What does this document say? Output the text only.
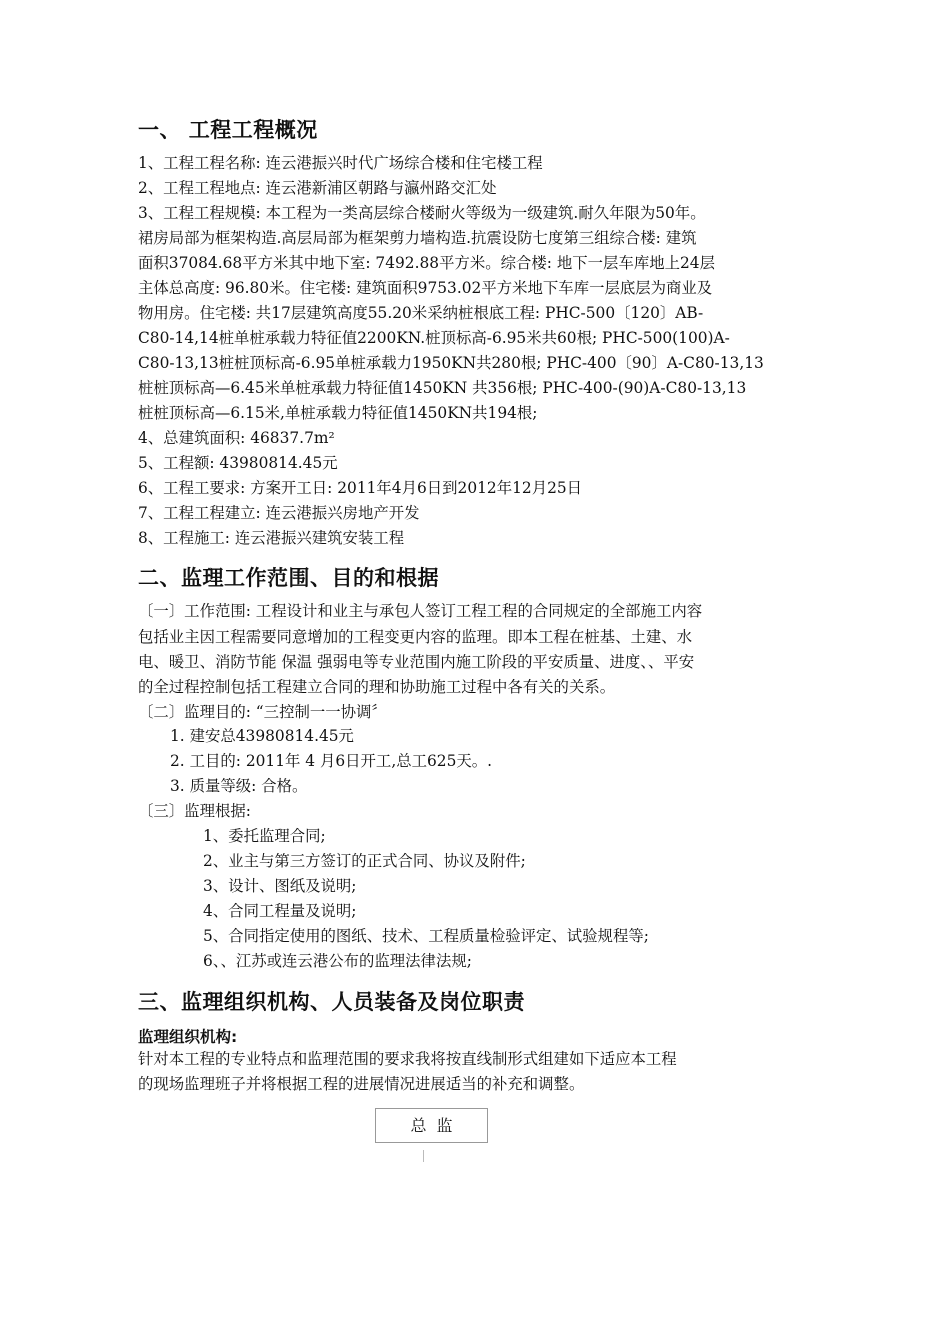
一、 工程工程概况
1、工程工程名称: 连云港振兴时代广场综合楼和住宅楼工程
2、工程工程地点: 连云港新浦区朝路与瀛州路交汇处
3、工程工程规模: 本工程为一类高层综合楼耐火等级为一级建筑.耐久年限为50年。
裙房局部为框架构造.高层局部为框架剪力墙构造.抗震设防七度第三组综合楼: 建筑
面积37084.68平方米其中地下室: 7492.88平方米。综合楼: 地下一层车库地上24层
主体总高度: 96.80米。住宅楼: 建筑面积9753.02平方米地下车库一层底层为商业及
物用房。住宅楼: 共17层建筑高度55.20米采纳桩根底工程: PHC-500〔120〕AB-
C80-14,14桩单桩承载力特征值2200KN.桩顶标高-6.95米共60根; PHC-500(100)A-
C80-13,13桩桩顶标高-6.95单桩承载力1950KN共280根; PHC-400〔90〕A-C80-13,13
桩桩顶标高—6.45米单桩承载力特征值1450KN 共356根; PHC-400-(90)A-C80-13,13
桩桩顶标高—6.15米,单桩承载力特征值1450KN共194根;
4、总建筑面积: 46837.7m²
5、工程额: 43980814.45元
6、工程工要求: 方案开工日: 2011年4月6日到2012年12月25日
7、工程工程建立: 连云港振兴房地产开发
8、工程施工: 连云港振兴建筑安装工程
二、监理工作范围、目的和根据
〔一〕工作范围: 工程设计和业主与承包人签订工程工程的合同规定的全部施工内容
包括业主因工程需要同意增加的工程变更内容的监理。即本工程在桩基、土建、水
电、暖卫、消防节能 保温 强弱电等专业范围内施工阶段的平安质量、进度、、平安
的全过程控制包括工程建立合同的理和协助施工过程中各有关的关系。
〔二〕监理目的: “三控制一一协调〞
1. 建安总43980814.45元
2. 工目的: 2011年 4 月6日开工,总工625天。.
3. 质量等级: 合格。
〔三〕监理根据:
1、委托监理合同;
2、业主与第三方签订的正式合同、协议及附件;
3、设计、图纸及说明;
4、合同工程量及说明;
5、合同指定使用的图纸、技术、工程质量检验评定、试验规程等;
6、、江苏或连云港公布的监理法律法规;
三、监理组织机构、人员装备及岗位职责
监理组织机构:
针对本工程的专业特点和监理范围的要求我将按直线制形式组建如下适应本工程
的现场监理班子并将根据工程的进展情况进展适当的补充和调整。
总监
